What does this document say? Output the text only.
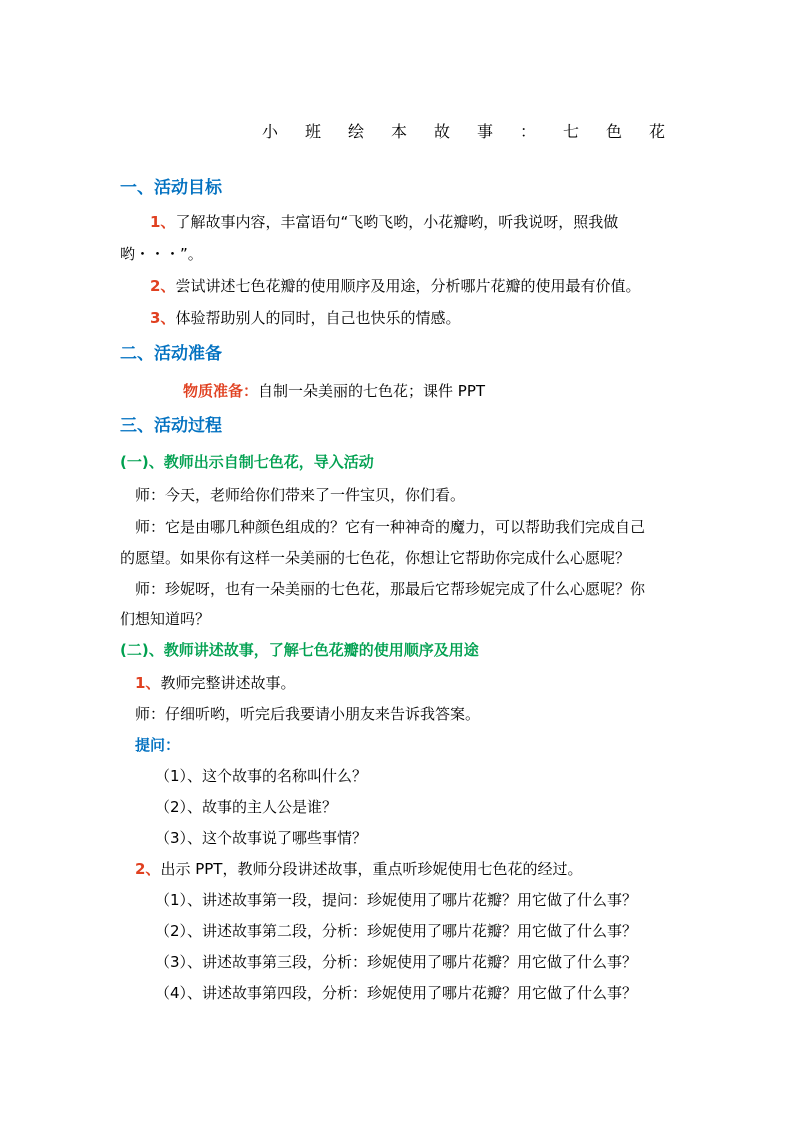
小 班 绘 本 故 事 ： 七 色 花
一、活动目标
1、了解故事内容，丰富语句“飞哟飞哟，小花瓣哟，听我说呀，照我做
哟・・・”。
2、尝试讲述七色花瓣的使用顺序及用途，分析哪片花瓣的使用最有价值。
3、体验帮助别人的同时，自己也快乐的情感。
二、活动准备
物质准备：自制一朵美丽的七色花；课件 PPT
三、活动过程
(一)、教师出示自制七色花，导入活动
师：今天，老师给你们带来了一件宝贝，你们看。
师：它是由哪几种颜色组成的？它有一种神奇的魔力，可以帮助我们完成自己
的愿望。如果你有这样一朵美丽的七色花，你想让它帮助你完成什么心愿呢？
师：珍妮呀，也有一朵美丽的七色花，那最后它帮珍妮完成了什么心愿呢？你
们想知道吗？
(二)、教师讲述故事，了解七色花瓣的使用顺序及用途
1、教师完整讲述故事。
师：仔细听哟，听完后我要请小朋友来告诉我答案。
提问：
（1）、这个故事的名称叫什么？
（2）、故事的主人公是谁？
（3）、这个故事说了哪些事情？
2、出示 PPT，教师分段讲述故事，重点听珍妮使用七色花的经过。
（1）、讲述故事第一段，提问：珍妮使用了哪片花瓣？用它做了什么事？
（2）、讲述故事第二段，分析：珍妮使用了哪片花瓣？用它做了什么事？
（3）、讲述故事第三段，分析：珍妮使用了哪片花瓣？用它做了什么事？
（4）、讲述故事第四段，分析：珍妮使用了哪片花瓣？用它做了什么事？
